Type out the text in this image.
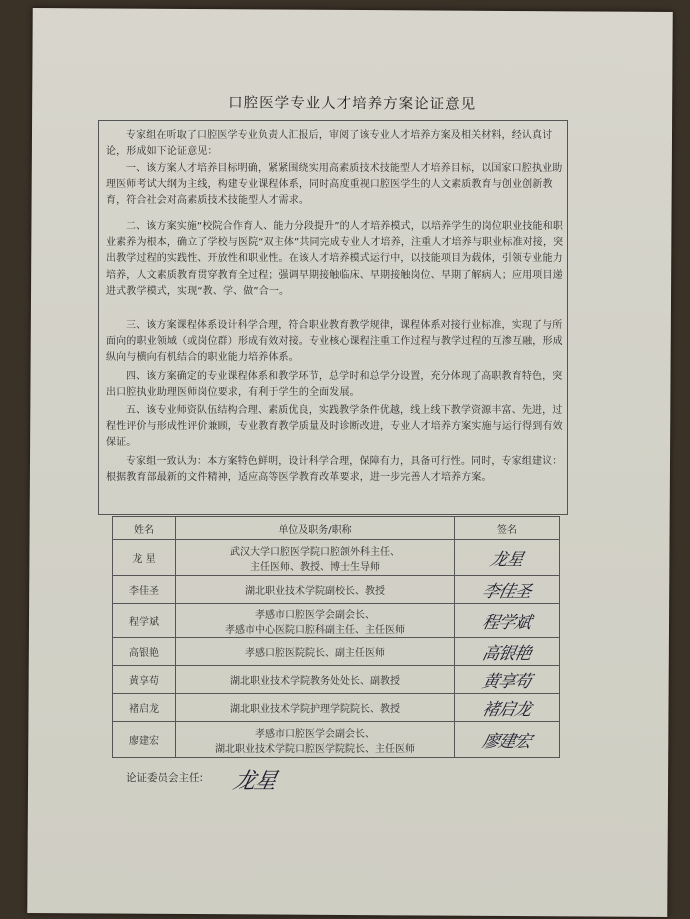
口腔医学专业人才培养方案论证意见

专家组在听取了口腔医学专业负责人汇报后，审阅了该专业人才培养方案及相关材料，经认真讨论，形成如下论证意见：

一、该方案人才培养目标明确，紧紧围绕实用高素质技术技能型人才培养目标，以国家口腔执业助理医师考试大纲为主线，构建专业课程体系，同时高度重视口腔医学生的人文素质教育与创业创新教育，符合社会对高素质技术技能型人才需求。

二、该方案实施“校院合作育人、能力分段提升”的人才培养模式，以培养学生的岗位职业技能和职业素养为根本，确立了学校与医院“双主体”共同完成专业人才培养，注重人才培养与职业标准对接，突出教学过程的实践性、开放性和职业性。在该人才培养模式运行中，以技能项目为载体，引领专业能力培养，人文素质教育贯穿教育全过程；强调早期接触临床、早期接触岗位、早期了解病人；应用项目递进式教学模式，实现“教、学、做”合一。

三、该方案课程体系设计科学合理，符合职业教育教学规律，课程体系对接行业标准，实现了与所面向的职业领域（或岗位群）形成有效对接。专业核心课程注重工作过程与教学过程的互渗互融，形成纵向与横向有机结合的职业能力培养体系。

四、该方案确定的专业课程体系和教学环节，总学时和总学分设置，充分体现了高职教育特色，突出口腔执业助理医师岗位要求，有利于学生的全面发展。

五、该专业师资队伍结构合理、素质优良，实践教学条件优越，线上线下教学资源丰富、先进，过程性评价与形成性评价兼顾，专业教育教学质量及时诊断改进，专业人才培养方案实施与运行得到有效保证。

专家组一致认为：本方案特色鲜明，设计科学合理，保障有力，具备可行性。同时，专家组建议：根据教育部最新的文件精神，适应高等医学教育改革要求，进一步完善人才培养方案。

姓名	单位及职务/职称	签名
龙 星	武汉大学口腔医学院口腔颌外科主任、
主任医师、教授、博士生导师	龙星
李佳圣	湖北职业技术学院副校长、教授	李佳圣
程学斌	孝感市口腔医学会副会长、
孝感市中心医院口腔科副主任、主任医师	程学斌
高银艳	孝感口腔医院院长、副主任医师	高银艳
黄享苟	湖北职业技术学院教务处处长、副教授	黄享苟
褚启龙	湖北职业技术学院护理学院院长、教授	褚启龙
廖建宏	孝感市口腔医学会副会长、
湖北职业技术学院口腔医学院院长、主任医师	廖建宏
论证委员会主任: 龙星
